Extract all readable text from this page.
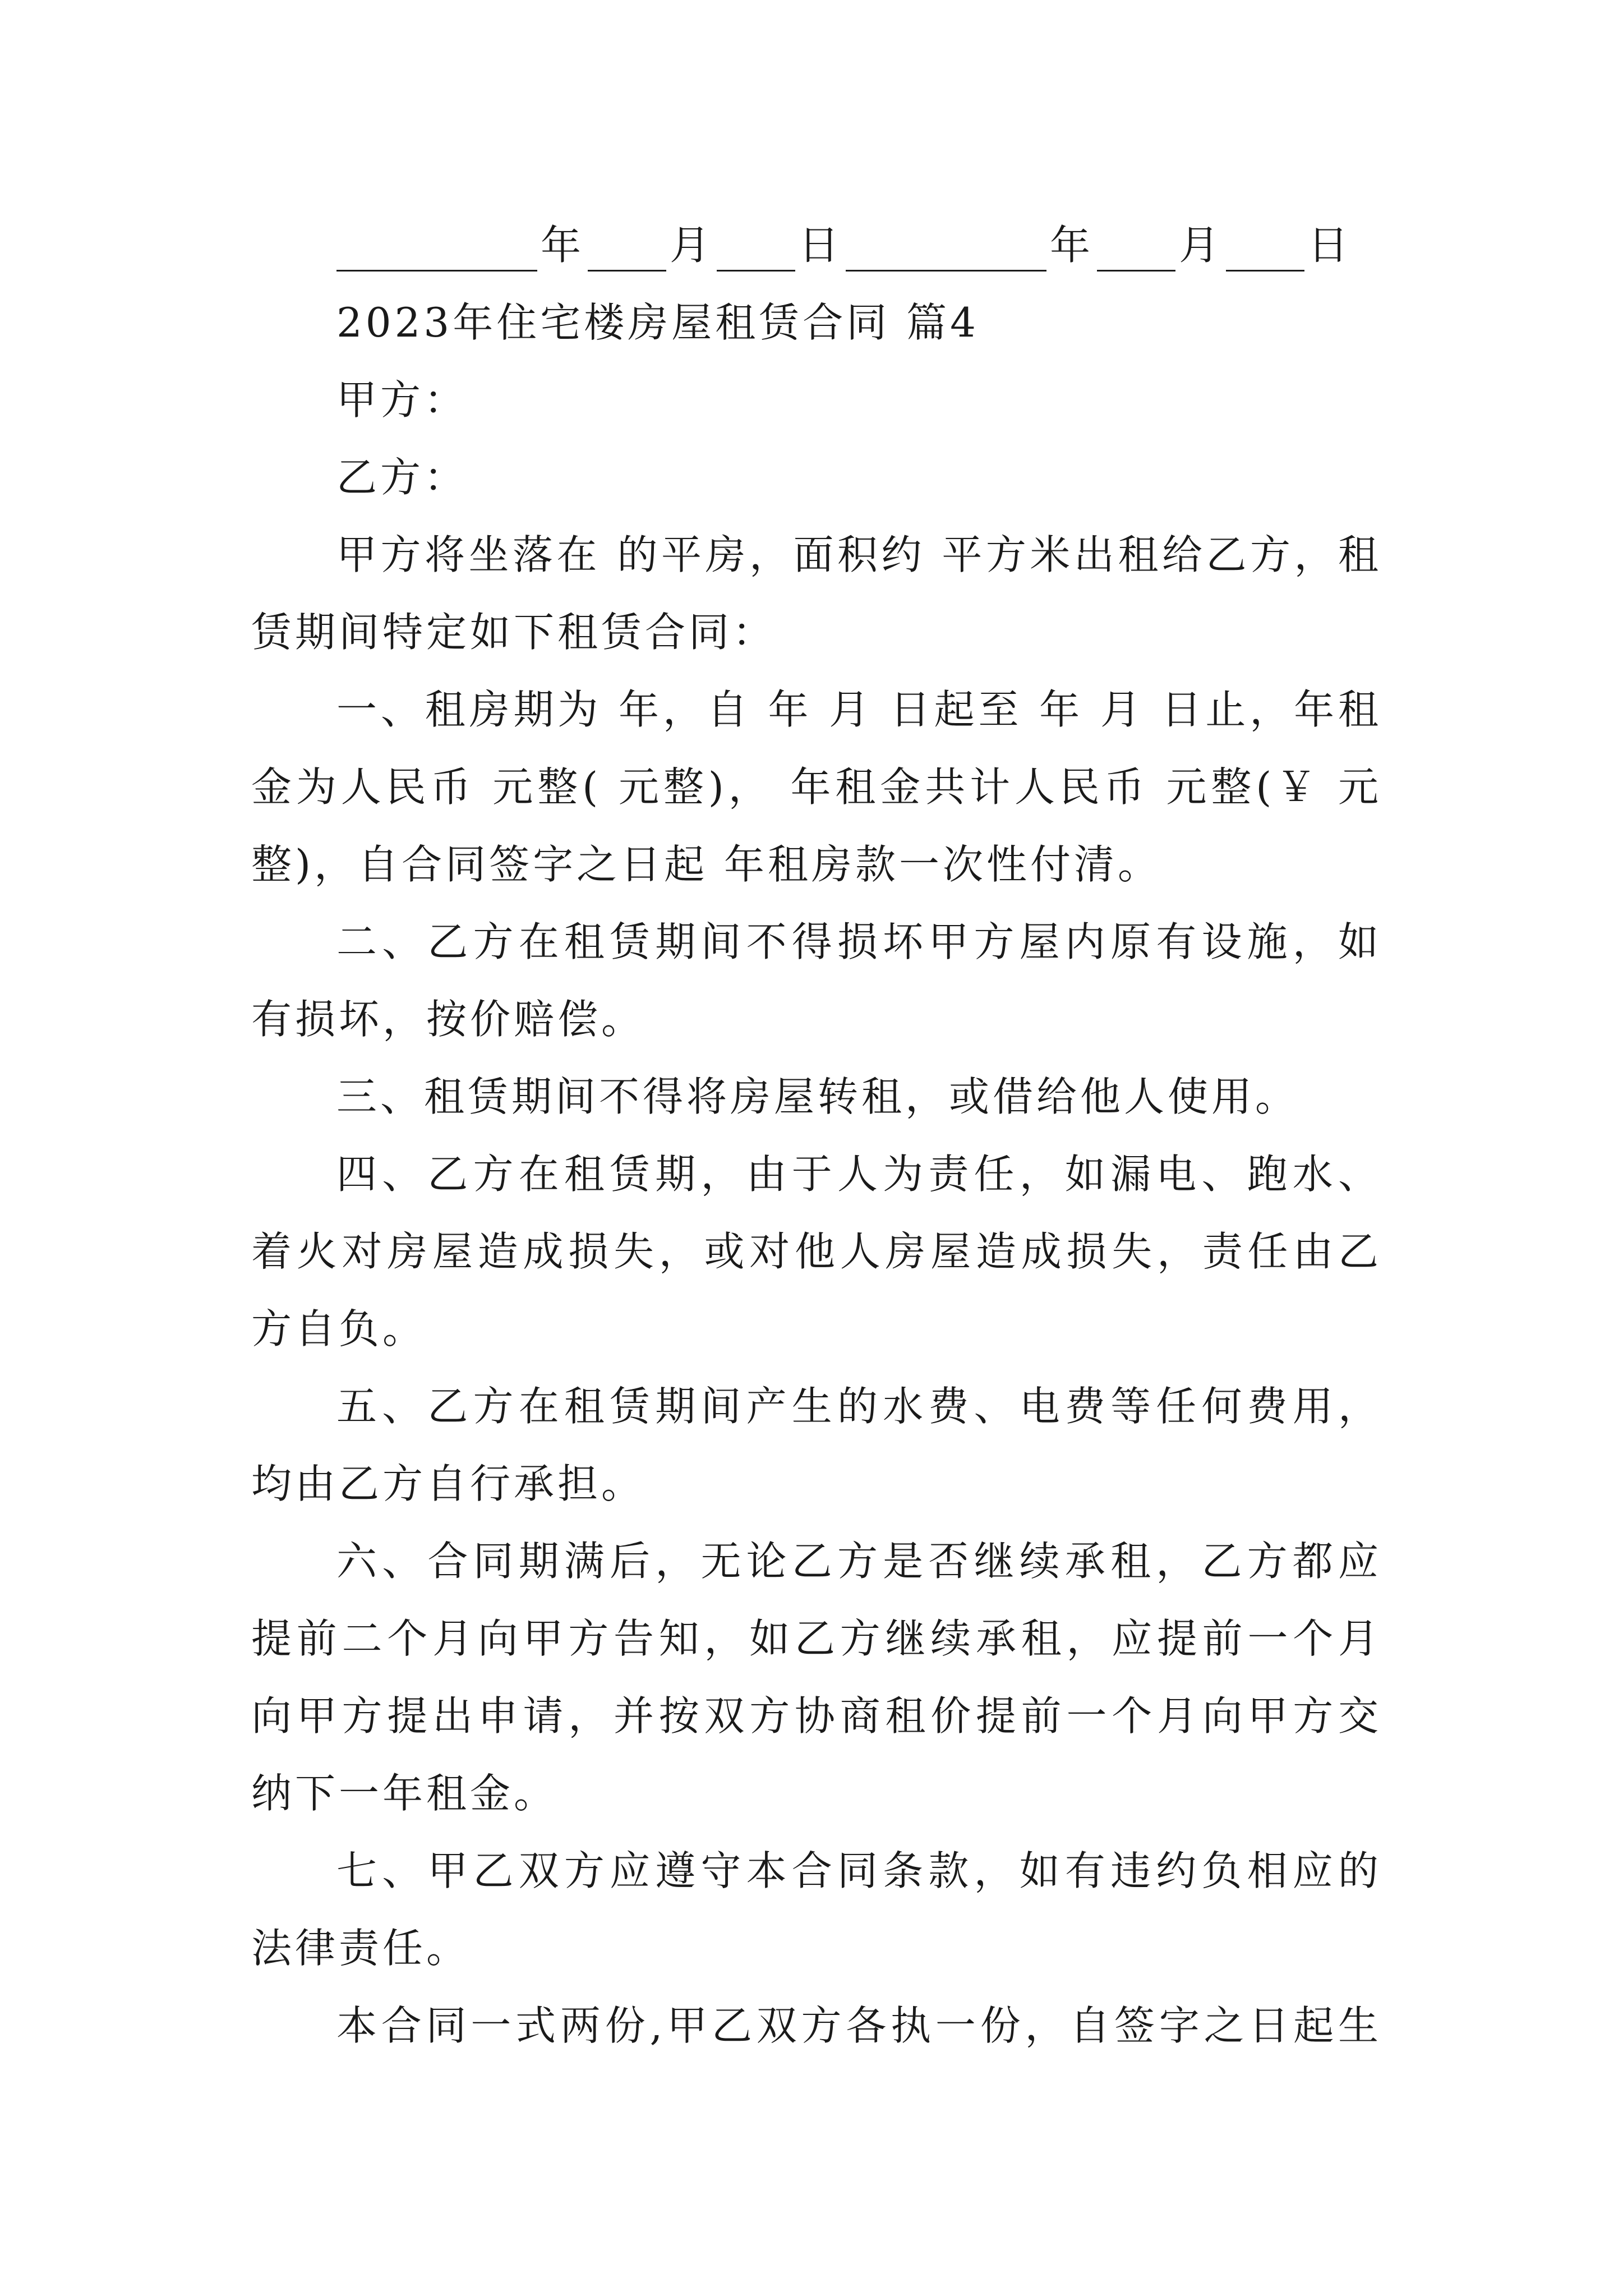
年 月 日	年 月 日
2023年住宅楼房屋租赁合同 篇4
甲方：
乙方：

甲方将坐落在 的平房，面积约 平方米出租给乙方，租赁期间特定如下租赁合同：

一、租房期为 年，自 年 月 日起至 年 月 日止，年租金为人民币 元整( 元整)， 年租金共计人民币 元整(￥ 元整)，自合同签字之日起 年租房款一次性付清。

二、乙方在租赁期间不得损坏甲方屋内原有设施，如有损坏，按价赔偿。

三、租赁期间不得将房屋转租，或借给他人使用。

四、乙方在租赁期，由于人为责任，如漏电、跑水、着火对房屋造成损失，或对他人房屋造成损失，责任由乙方自负。

五、乙方在租赁期间产生的水费、电费等任何费用，均由乙方自行承担。

六、合同期满后，无论乙方是否继续承租，乙方都应提前二个月向甲方告知，如乙方继续承租，应提前一个月向甲方提出申请，并按双方协商租价提前一个月向甲方交纳下一年租金。

七、甲乙双方应遵守本合同条款，如有违约负相应的法律责任。

本合同一式两份,甲乙双方各执一份，自签字之日起生
